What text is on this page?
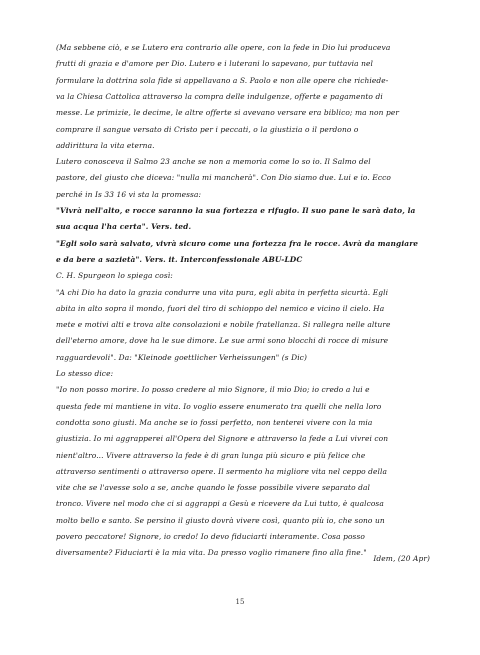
(Ma sebbene ciò, e se Lutero era contrario alle opere, con la fede in Dio lui produceva
frutti di grazia e d'amore per Dio. Lutero e i luterani lo sapevano, pur tuttavia nel
formulare la dottrina sola fide si appellavano a S. Paolo e non alle opere che richiede-
va la Chiesa Cattolica attraverso la compra delle indulgenze, offerte e pagamento di
messe. Le primizie, le decime, le altre offerte si avevano versare era biblico; ma non per
comprare il sangue versato di Cristo per i peccati, o la giustizia o il perdono o
addirittura la vita eterna.
Lutero conosceva il Salmo 23 anche se non a memoria come lo so io. Il Salmo del
pastore, del giusto che diceva: "nulla mi mancherà". Con Dio siamo due. Lui e io. Ecco
perché in Is 33 16 vi sta la promessa:
"Vivrà nell'alto, e rocce saranno la sua fortezza e rifugio. Il suo pane le sarà dato, la
sua acqua l'ha certa". Vers. ted.
"Egli solo sarà salvato, vivrà sicuro come una fortezza fra le rocce. Avrà da mangiare
e da bere a sazietà". Vers. it. Interconfessionale ABU-LDC
C. H. Spurgeon lo spiega così:
"A chi Dio ha dato la grazia condurre una vita pura, egli abita in perfetta sicurtà. Egli
abita in alto sopra il mondo, fuori del tiro di schioppo del nemico e vicino il cielo. Ha
mete e motivi alti e trova alte consolazioni e nobile fratellanza. Si rallegra nelle alture
dell'eterno amore, dove ha le sue dimore. Le sue armi sono blocchi di rocce di misure
ragguardevoli". Da: "Kleinode goettlicher Verheissungen" (s Dic)
Lo stesso dice:
"Io non posso morire. Io posso credere al mio Signore, il mio Dio; io credo a lui e
questa fede mi mantiene in vita. Io voglio essere enumerato tra quelli che nella loro
condotta sono giusti. Ma anche se io fossi perfetto, non tenterei vivere con la mia
giustizia. Io mi aggrapperei all'Opera del Signore e attraverso la fede a Lui vivrei con
nient'altro... Vivere attraverso la fede è di gran lunga più sicuro e più felice che
attraverso sentimenti o attraverso opere. Il sermento ha migliore vita nel ceppo della
vite che se l'avesse solo a se, anche quando le fosse possibile vivere separato dal
tronco. Vivere nel modo che ci si aggrappi a Gesù e ricevere da Lui tutto, è qualcosa
molto bello e santo. Se persino il giusto dovrà vivere così, quanto più io, che sono un
povero peccatore! Signore, io credo! Io devo fiduciarti interamente. Cosa posso
diversamente? Fiduciarti è la mia vita. Da presso voglio rimanere fino alla fine."
Idem, (20 Apr)
15
